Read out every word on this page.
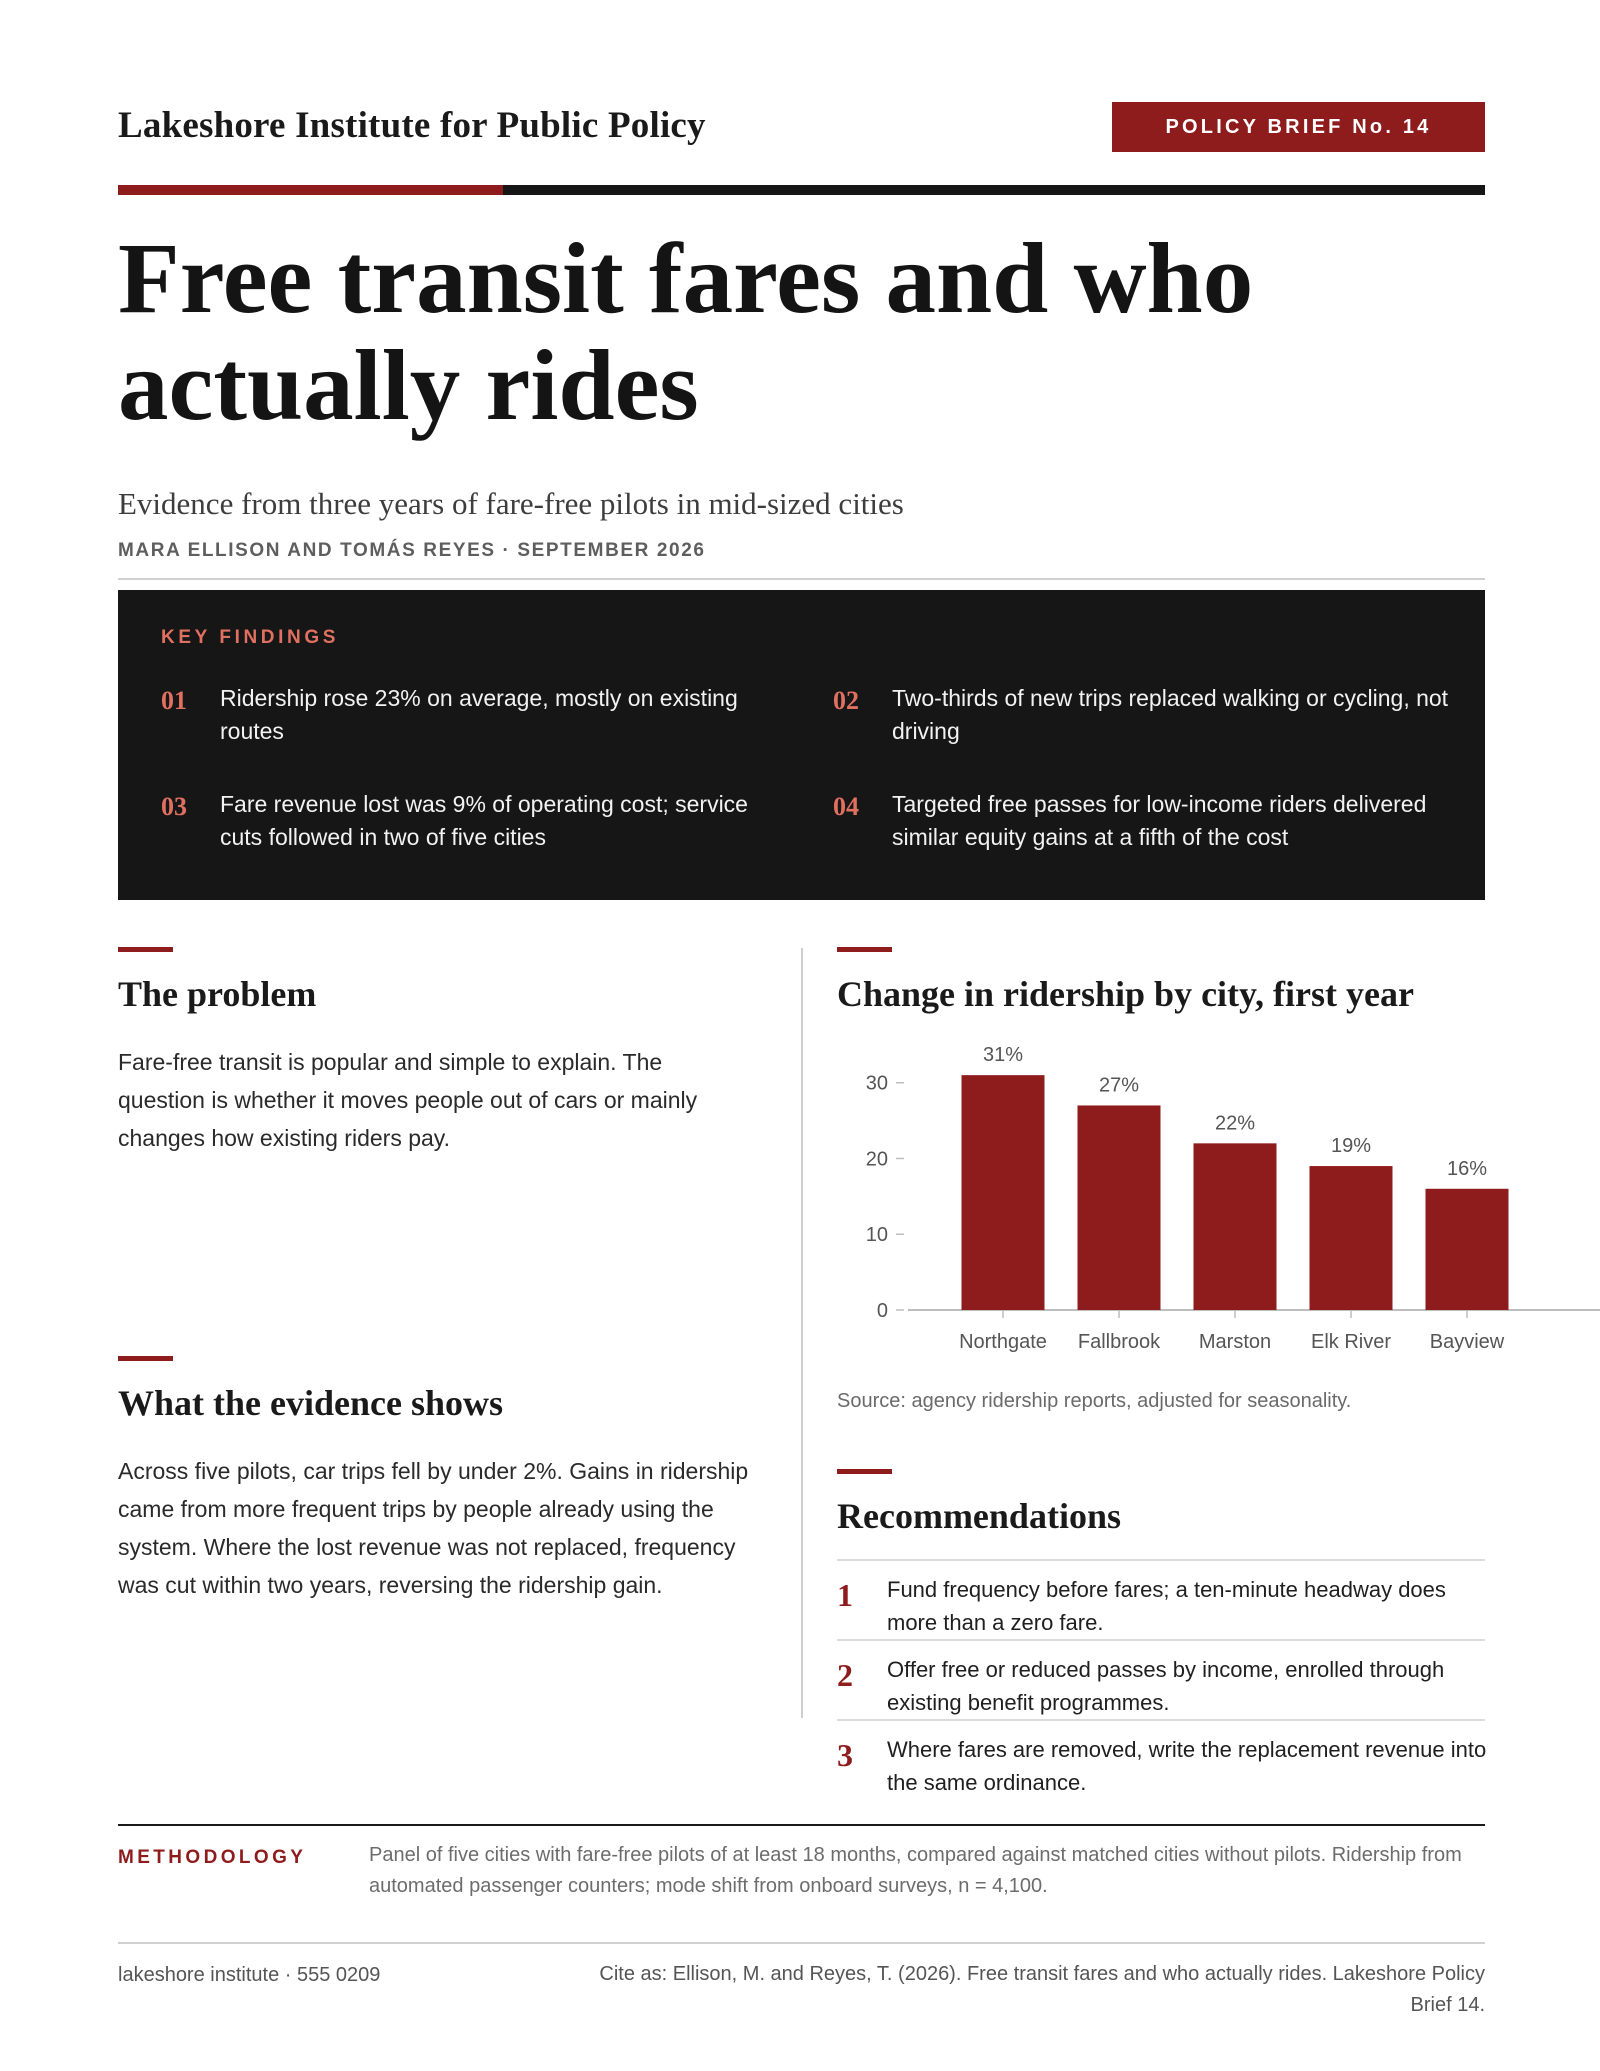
Lakeshore Institute for Public Policy	POLICY BRIEF No. 14
Free transit fares and who actually rides
Evidence from three years of fare-free pilots in mid-sized cities
MARA ELLISON AND TOMÁS REYES · SEPTEMBER 2026
KEY FINDINGS
01 Ridership rose 23% on average, mostly on existing routes
02 Two-thirds of new trips replaced walking or cycling, not driving
03 Fare revenue lost was 9% of operating cost; service cuts followed in two of five cities
04 Targeted free passes for low-income riders delivered similar equity gains at a fifth of the cost
The problem

Fare-free transit is popular and simple to explain. The question is whether it moves people out of cars or mainly changes how existing riders pay.

What the evidence shows

Across five pilots, car trips fell by under 2%. Gains in ridership came from more frequent trips by people already using the system. Where the lost revenue was not replaced, frequency was cut within two years, reversing the ridership gain.

Change in ridership by city, first year
0
10
20
30
31%
Northgate
27%
Fallbrook
22%
Marston
19%
Elk River
16%
Bayview
Source: agency ridership reports, adjusted for seasonality.
Recommendations
1 Fund frequency before fares; a ten-minute headway does more than a zero fare.
2 Offer free or reduced passes by income, enrolled through existing benefit programmes.
3 Where fares are removed, write the replacement revenue into the same ordinance.
METHODOLOGY	Panel of five cities with fare-free pilots of at least 18 months, compared against matched cities without pilots. Ridership from automated passenger counters; mode shift from onboard surveys, n = 4,100.
lakeshore institute · 555 0209	Cite as: Ellison, M. and Reyes, T. (2026). Free transit fares and who actually rides. Lakeshore Policy Brief 14.
